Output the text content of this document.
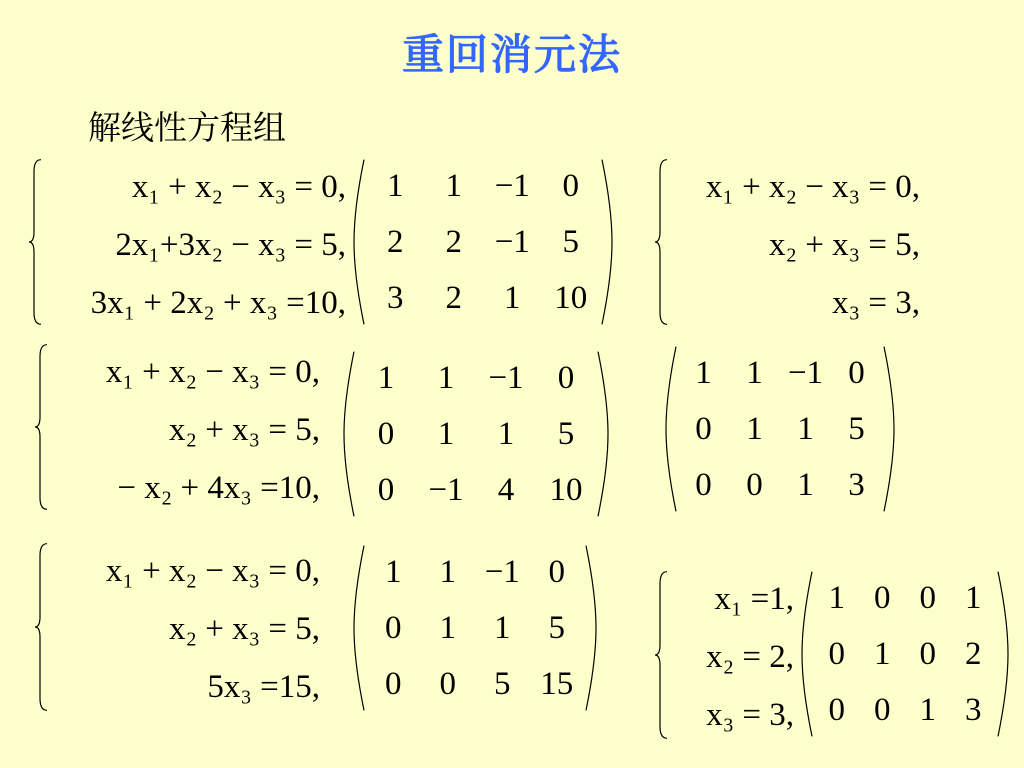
重回消元法
解线性方程组
x₁ + x₂ − x₃ = 0,
2x₁+3x₂ − x₃ = 5,
3x₁ + 2x₂ + x₃ =10,
x₁ + x₂ − x₃ = 0,
x₂ + x₃ = 5,
x₃ = 3,
x₁ + x₂ − x₃ = 0,
x₂ + x₃ = 5,
− x₂ + 4x₃ =10,
x₁ + x₂ − x₃ = 0,
x₂ + x₃ = 5,
5x₃ =15,
x₁ =1,
x₂ = 2,
x₃ = 3,
1	1 −1 0
2	2 −1 5
3	2	1	10
1	1	−1	0
0	1	1	5
0	−1	4	10
1	1 −1 0
0	1	1	5
0	0	1	3
1	1 −1 0
0	1	1	5
0	0	5 15
1 0 0 1
0 1 0 2
0 0 1 3
